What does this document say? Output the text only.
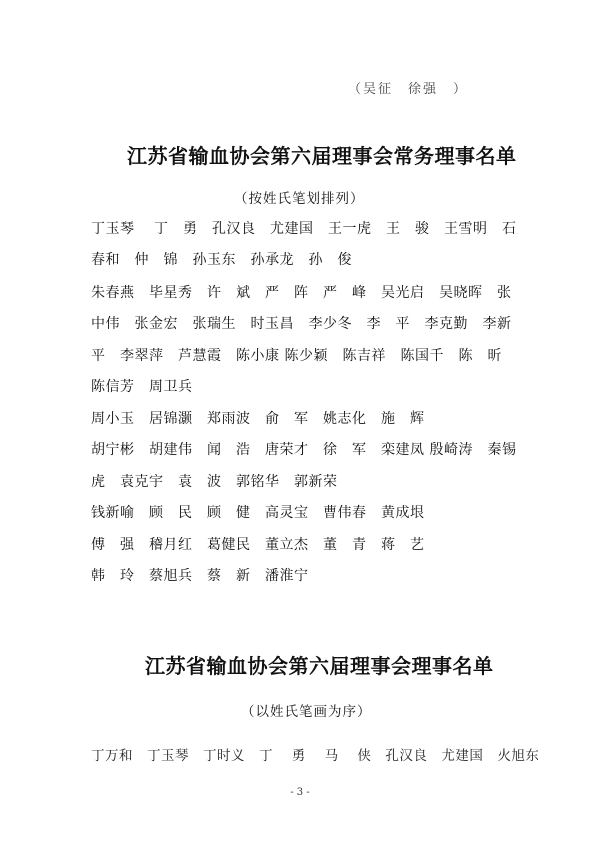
（吴征　徐强　）
江苏省输血协会第六届理事会常务理事名单
（按姓氏笔划排列）
丁玉琴　 丁　勇　孔汉良　尤建国　王一虎　王　骏　王雪明　石
春和　仲　锦　孙玉东　孙承龙　孙　俊
朱春燕　毕星秀　许　斌　严　阵　严　峰　吴光启　吴晓晖　张
中伟　张金宏　张瑞生　时玉昌　李少冬　李　平　李克勤　李新
平　李翠萍　芦慧霞　陈小康 陈少颖　陈吉祥　陈国千　陈　昕
陈信芳　周卫兵
周小玉　居锦灏　郑雨波　俞　军　姚志化　施　辉
胡宁彬　胡建伟　闻　浩　唐荣才　徐　军　栾建凤 殷崎涛　秦锡
虎　袁克宇　袁　波　郭铭华　郭新荣
钱新喻　顾　民　顾　健　高灵宝　曹伟春　黄成垠
傅　强　稽月红　葛健民　董立杰　董　青　蒋　艺
韩　玲　蔡旭兵　蔡　新　潘淮宁
江苏省输血协会第六届理事会理事名单
（以姓氏笔画为序）
丁万和　丁玉琴　丁时义　丁　 勇　 马　 侠　孔汉良　尤建国　火旭东
- 3 -
